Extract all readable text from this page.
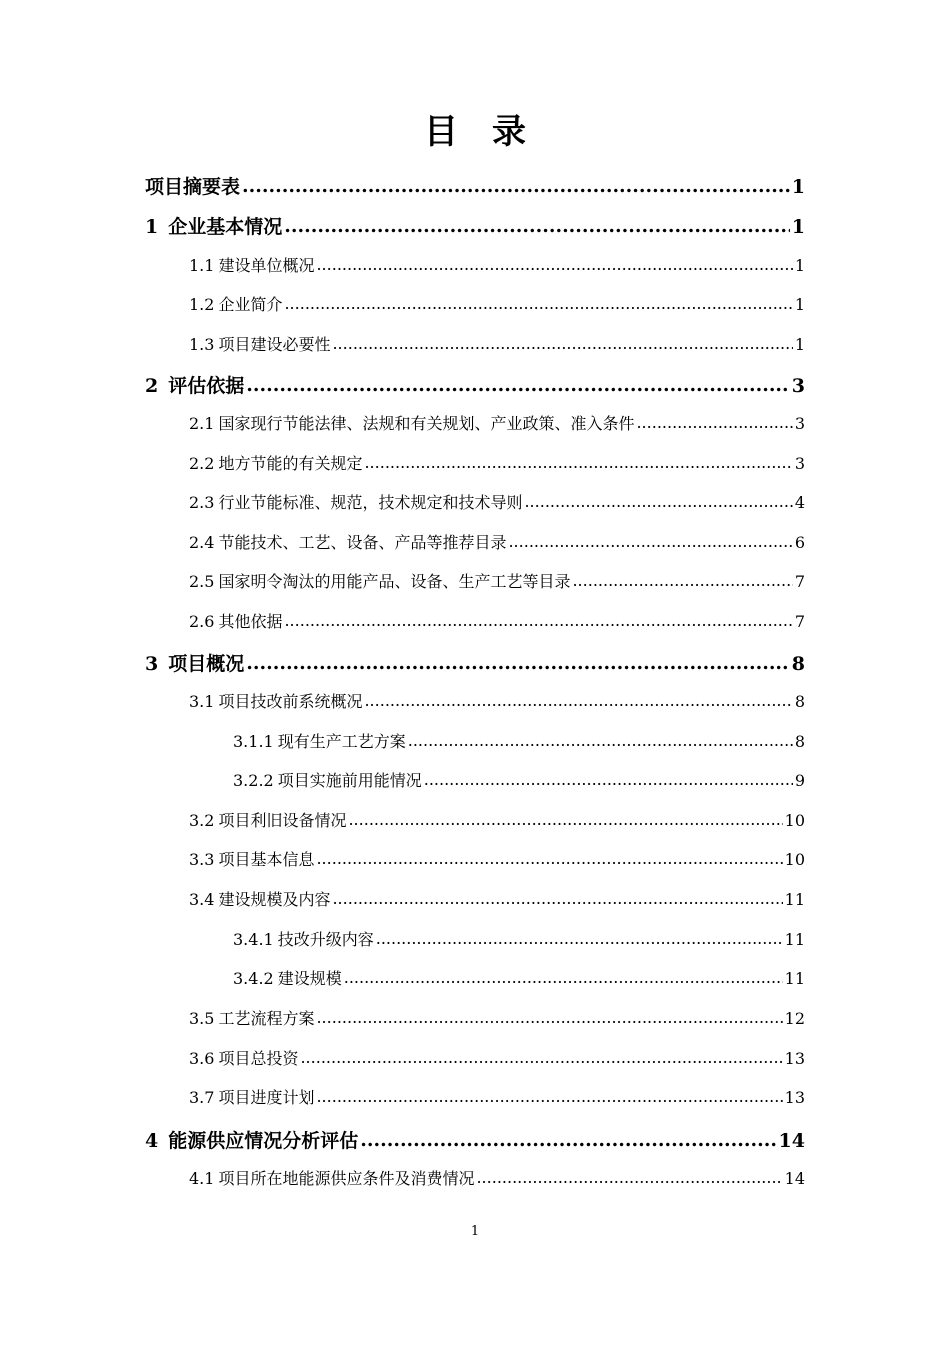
目　录
项目摘要表 .....	1
1 企业基本情况 .....	1
1.1 建设单位概况 .....	1
1.2 企业简介 .....	1
1.3 项目建设必要性 .....	1
2 评估依据 .....	3
2.1 国家现行节能法律、法规和有关规划、产业政策、准入条件 .....	3
2.2 地方节能的有关规定 .....	3
2.3 行业节能标准、规范，技术规定和技术导则 .....	4
2.4 节能技术、工艺、设备、产品等推荐目录 .....	6
2.5 国家明令淘汰的用能产品、设备、生产工艺等目录 .....	7
2.6 其他依据 .....	7
3 项目概况 .....	8
3.1 项目技改前系统概况 .....	8
3.1.1 现有生产工艺方案 .....	8
3.2.2 项目实施前用能情况 .....	9
3.2 项目利旧设备情况 .....	10
3.3 项目基本信息 .....	10
3.4 建设规模及内容 .....	11
3.4.1 技改升级内容 .....	11
3.4.2 建设规模 .....	11
3.5 工艺流程方案 .....	12
3.6 项目总投资 .....	13
3.7 项目进度计划 .....	13
4 能源供应情况分析评估 .....	14
4.1 项目所在地能源供应条件及消费情况 .....	14
1
